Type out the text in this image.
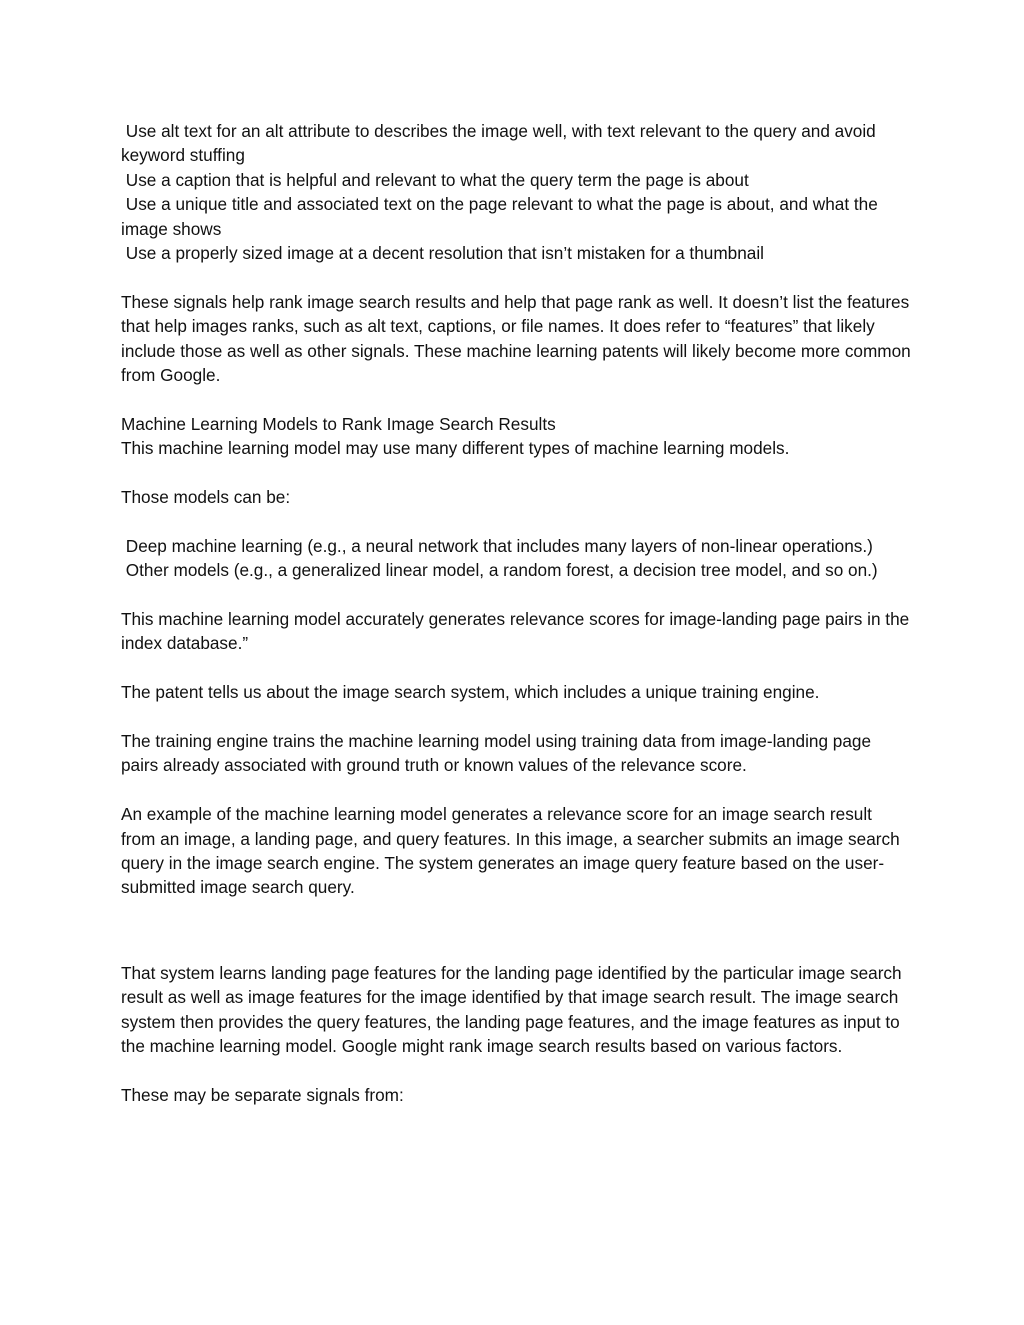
Use alt text for an alt attribute to describes the image well, with text relevant to the query and avoid keyword stuffing

Use a caption that is helpful and relevant to what the query term the page is about

Use a unique title and associated text on the page relevant to what the page is about, and what the image shows

Use a properly sized image at a decent resolution that isn’t mistaken for a thumbnail

These signals help rank image search results and help that page rank as well. It doesn’t list the features that help images ranks, such as alt text, captions, or file names. It does refer to “features” that likely include those as well as other signals. These machine learning patents will likely become more common from Google.

Machine Learning Models to Rank Image Search Results

This machine learning model may use many different types of machine learning models.

Those models can be:

Deep machine learning (e.g., a neural network that includes many layers of non-linear operations.)

Other models (e.g., a generalized linear model, a random forest, a decision tree model, and so on.)

This machine learning model accurately generates relevance scores for image-landing page pairs in the index database.”

The patent tells us about the image search system, which includes a unique training engine.

The training engine trains the machine learning model using training data from image-landing page pairs already associated with ground truth or known values of the relevance score.

An example of the machine learning model generates a relevance score for an image search result from an image, a landing page, and query features. In this image, a searcher submits an image search query in the image search engine. The system generates an image query feature based on the user-submitted image search query.

That system learns landing page features for the landing page identified by the particular image search result as well as image features for the image identified by that image search result. The image search system then provides the query features, the landing page features, and the image features as input to the machine learning model. Google might rank image search results based on various factors.

These may be separate signals from:
